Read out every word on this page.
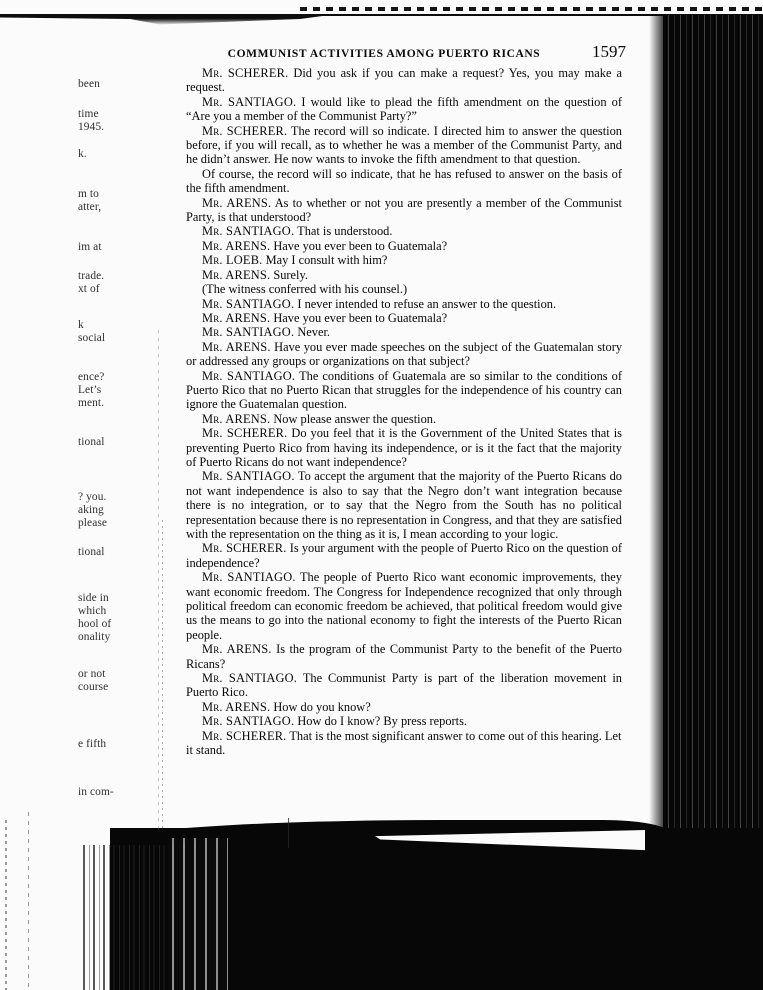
COMMUNIST ACTIVITIES AMONG PUERTO RICANS	1597
been
time
1945.
k.
m to
atter,
im at
trade.
xt of
k
social
ence?
Let’s
ment.
tional
? you.
aking
please
tional
side in
which
hool of
onality
or not
course
e fifth
in com-

Mr. SCHERER. Did you ask if you can make a request? Yes, you may make a request.

Mr. SANTIAGO. I would like to plead the fifth amendment on the question of “Are you a member of the Communist Party?”

Mr. SCHERER. The record will so indicate. I directed him to answer the question before, if you will recall, as to whether he was a member of the Communist Party, and he didn’t answer. He now wants to invoke the fifth amendment to that question.

Of course, the record will so indicate, that he has refused to answer on the basis of the fifth amendment.

Mr. ARENS. As to whether or not you are presently a member of the Communist Party, is that understood?

Mr. SANTIAGO. That is understood.

Mr. ARENS. Have you ever been to Guatemala?

Mr. LOEB. May I consult with him?

Mr. ARENS. Surely.

(The witness conferred with his counsel.)

Mr. SANTIAGO. I never intended to refuse an answer to the question.

Mr. ARENS. Have you ever been to Guatemala?

Mr. SANTIAGO. Never.

Mr. ARENS. Have you ever made speeches on the subject of the Guatemalan story or addressed any groups or organizations on that subject?

Mr. SANTIAGO. The conditions of Guatemala are so similar to the conditions of Puerto Rico that no Puerto Rican that struggles for the independence of his country can ignore the Guatemalan question.

Mr. ARENS. Now please answer the question.

Mr. SCHERER. Do you feel that it is the Government of the United States that is preventing Puerto Rico from having its independence, or is it the fact that the majority of Puerto Ricans do not want independence?

Mr. SANTIAGO. To accept the argument that the majority of the Puerto Ricans do not want independence is also to say that the Negro don’t want integration because there is no integration, or to say that the Negro from the South has no political representation because there is no representation in Congress, and that they are satisfied with the representation on the thing as it is, I mean according to your logic.

Mr. SCHERER. Is your argument with the people of Puerto Rico on the question of independence?

Mr. SANTIAGO. The people of Puerto Rico want economic improvements, they want economic freedom. The Congress for Independence recognized that only through political freedom can economic freedom be achieved, that political freedom would give us the means to go into the national economy to fight the interests of the Puerto Rican people.

Mr. ARENS. Is the program of the Communist Party to the benefit of the Puerto Ricans?

Mr. SANTIAGO. The Communist Party is part of the liberation movement in Puerto Rico.

Mr. ARENS. How do you know?

Mr. SANTIAGO. How do I know? By press reports.

Mr. SCHERER. That is the most significant answer to come out of this hearing. Let it stand.
